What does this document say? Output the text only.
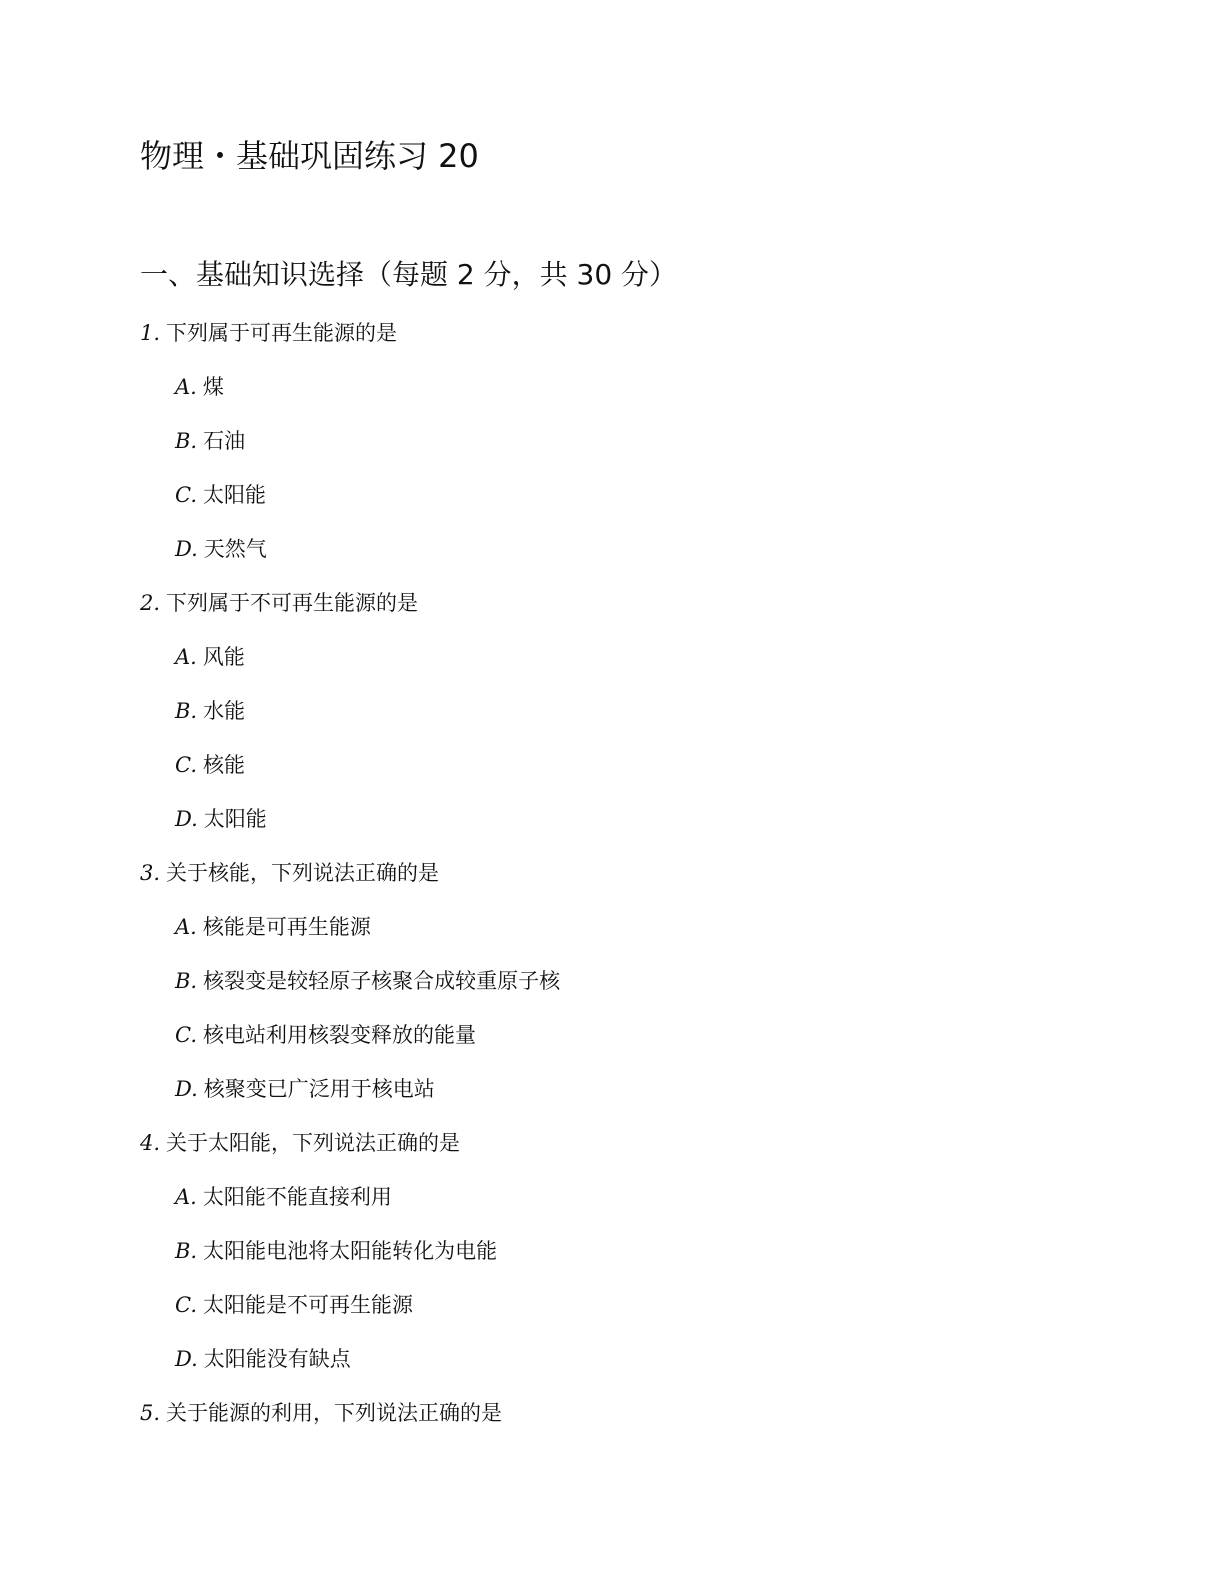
物理・基础巩固练习 20
一、基础知识选择（每题 2 分，共 30 分）
1. 下列属于可再生能源的是
A. 煤
B. 石油
C. 太阳能
D. 天然气
2. 下列属于不可再生能源的是
A. 风能
B. 水能
C. 核能
D. 太阳能
3. 关于核能，下列说法正确的是
A. 核能是可再生能源
B. 核裂变是较轻原子核聚合成较重原子核
C. 核电站利用核裂变释放的能量
D. 核聚变已广泛用于核电站
4. 关于太阳能，下列说法正确的是
A. 太阳能不能直接利用
B. 太阳能电池将太阳能转化为电能
C. 太阳能是不可再生能源
D. 太阳能没有缺点
5. 关于能源的利用，下列说法正确的是
